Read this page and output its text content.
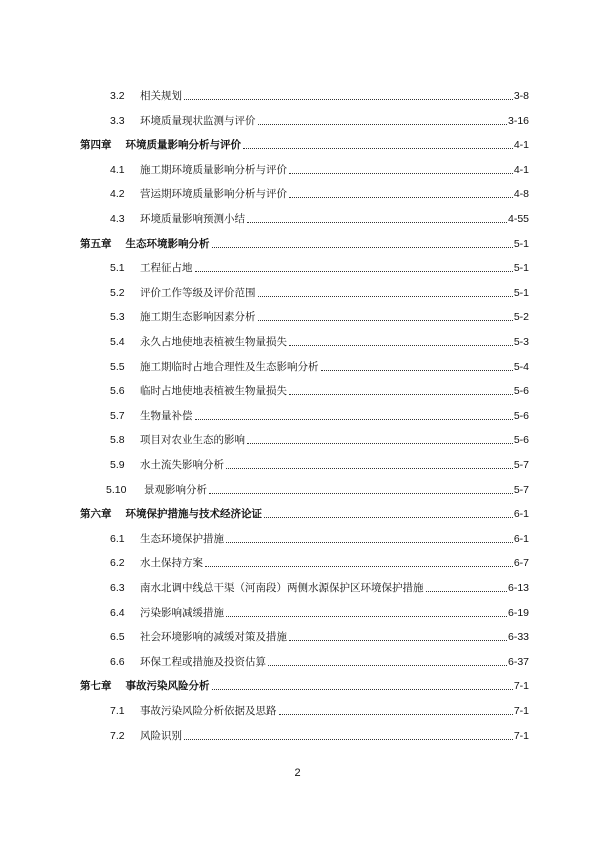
3.2	相关规划	3-8
3.3	环境质量现状监测与评价	3-16
第四章 环境质量影响分析与评价	4-1
4.1	施工期环境质量影响分析与评价	4-1
4.2	营运期环境质量影响分析与评价	4-8
4.3	环境质量影响预测小结	4-55
第五章 生态环境影响分析	5-1
5.1	工程征占地	5-1
5.2	评价工作等级及评价范围	5-1
5.3	施工期生态影响因素分析	5-2
5.4	永久占地使地表植被生物量损失	5-3
5.5	施工期临时占地合理性及生态影响分析	5-4
5.6	临时占地使地表植被生物量损失	5-6
5.7	生物量补偿	5-6
5.8	项目对农业生态的影响	5-6
5.9	水土流失影响分析	5-7
5.10	景观影响分析	5-7
第六章 环境保护措施与技术经济论证	6-1
6.1	生态环境保护措施	6-1
6.2	水土保持方案	6-7
6.3	南水北调中线总干渠（河南段）两侧水源保护区环境保护措施	6-13
6.4	污染影响减缓措施	6-19
6.5	社会环境影响的减缓对策及措施	6-33
6.6	环保工程或措施及投资估算	6-37
第七章 事故污染风险分析	7-1
7.1	事故污染风险分析依据及思路	7-1
7.2	风险识别	7-1
2
